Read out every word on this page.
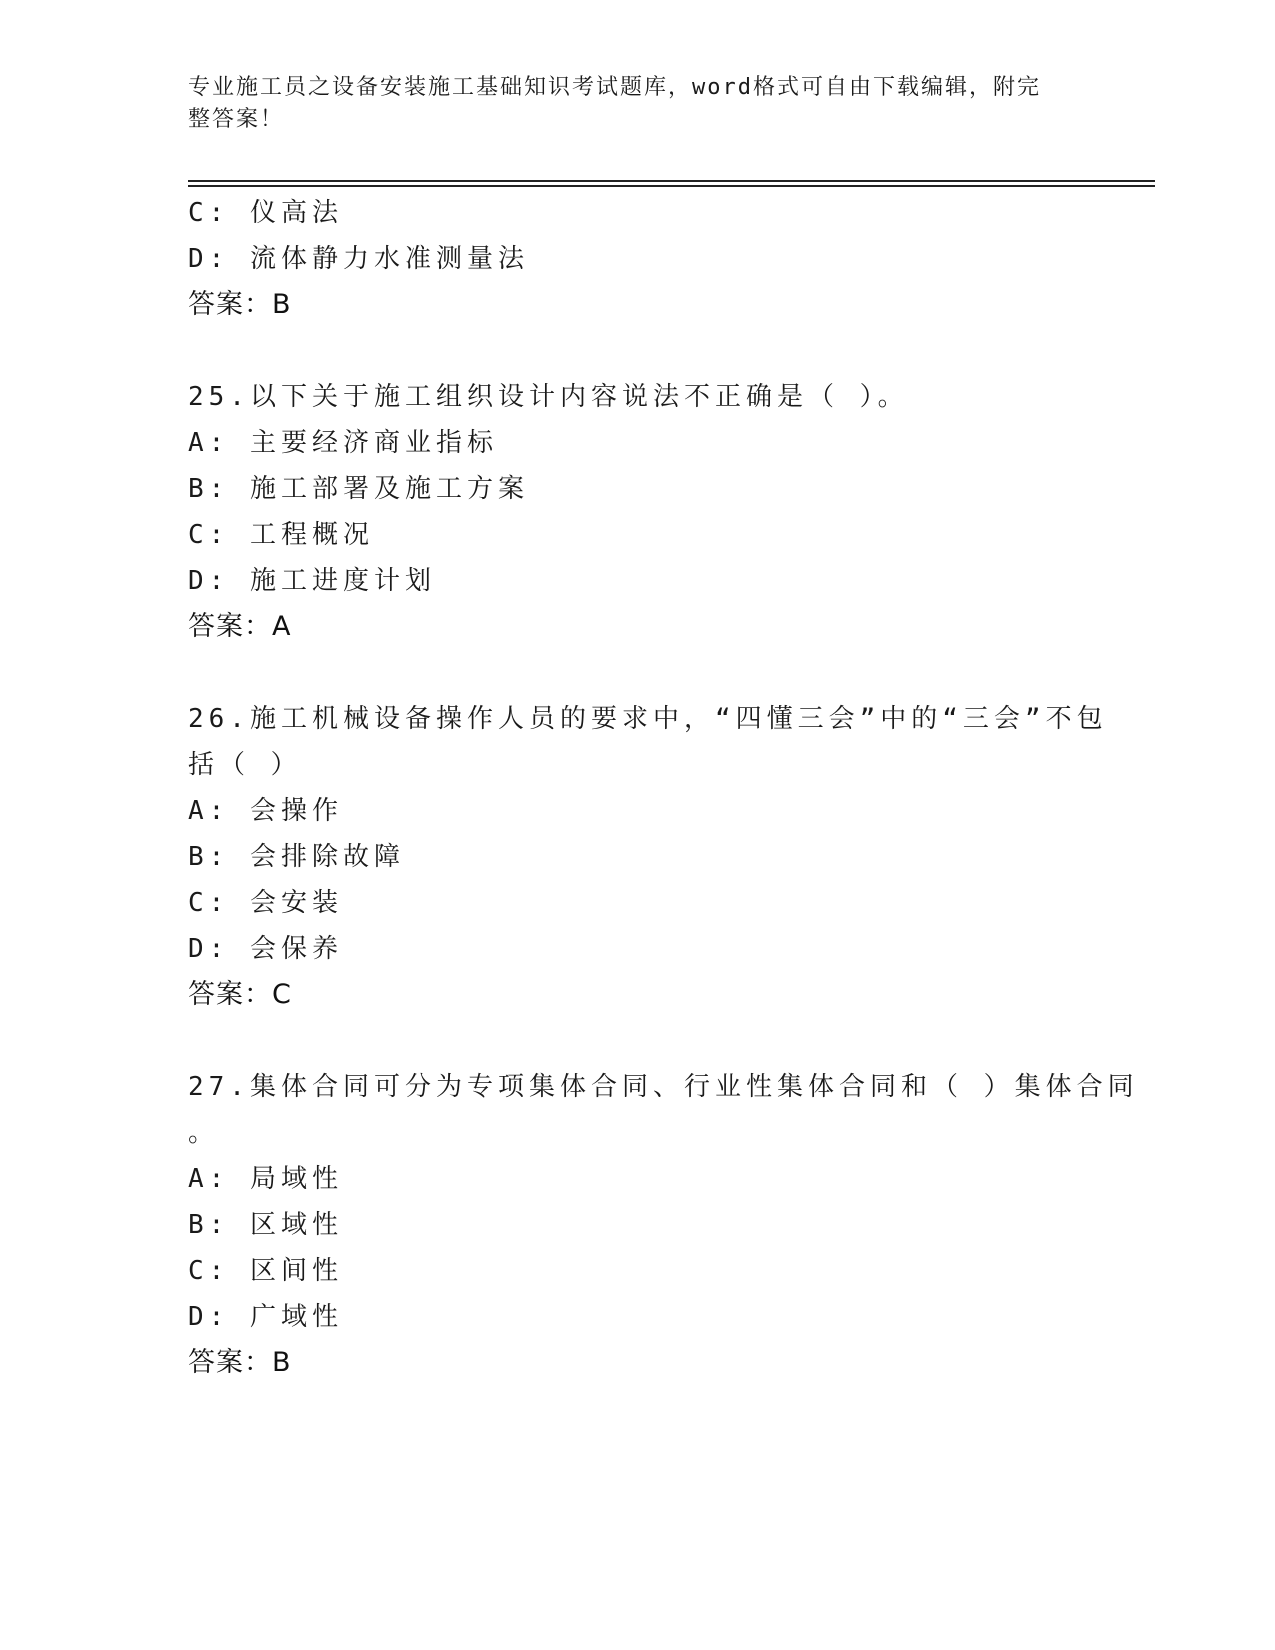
专业施工员之设备安装施工基础知识考试题库，word格式可自由下载编辑，附完
整答案！
C: 仪高法
D: 流体静力水准测量法
答案：B
25.以下关于施工组织设计内容说法不正确是（ ）。
A: 主要经济商业指标
B: 施工部署及施工方案
C: 工程概况
D: 施工进度计划
答案：A
26.施工机械设备操作人员的要求中，“四懂三会”中的“三会”不包
括（ ）
A: 会操作
B: 会排除故障
C: 会安装
D: 会保养
答案：C
27.集体合同可分为专项集体合同、行业性集体合同和（ ）集体合同
。
A: 局域性
B: 区域性
C: 区间性
D: 广域性
答案：B
